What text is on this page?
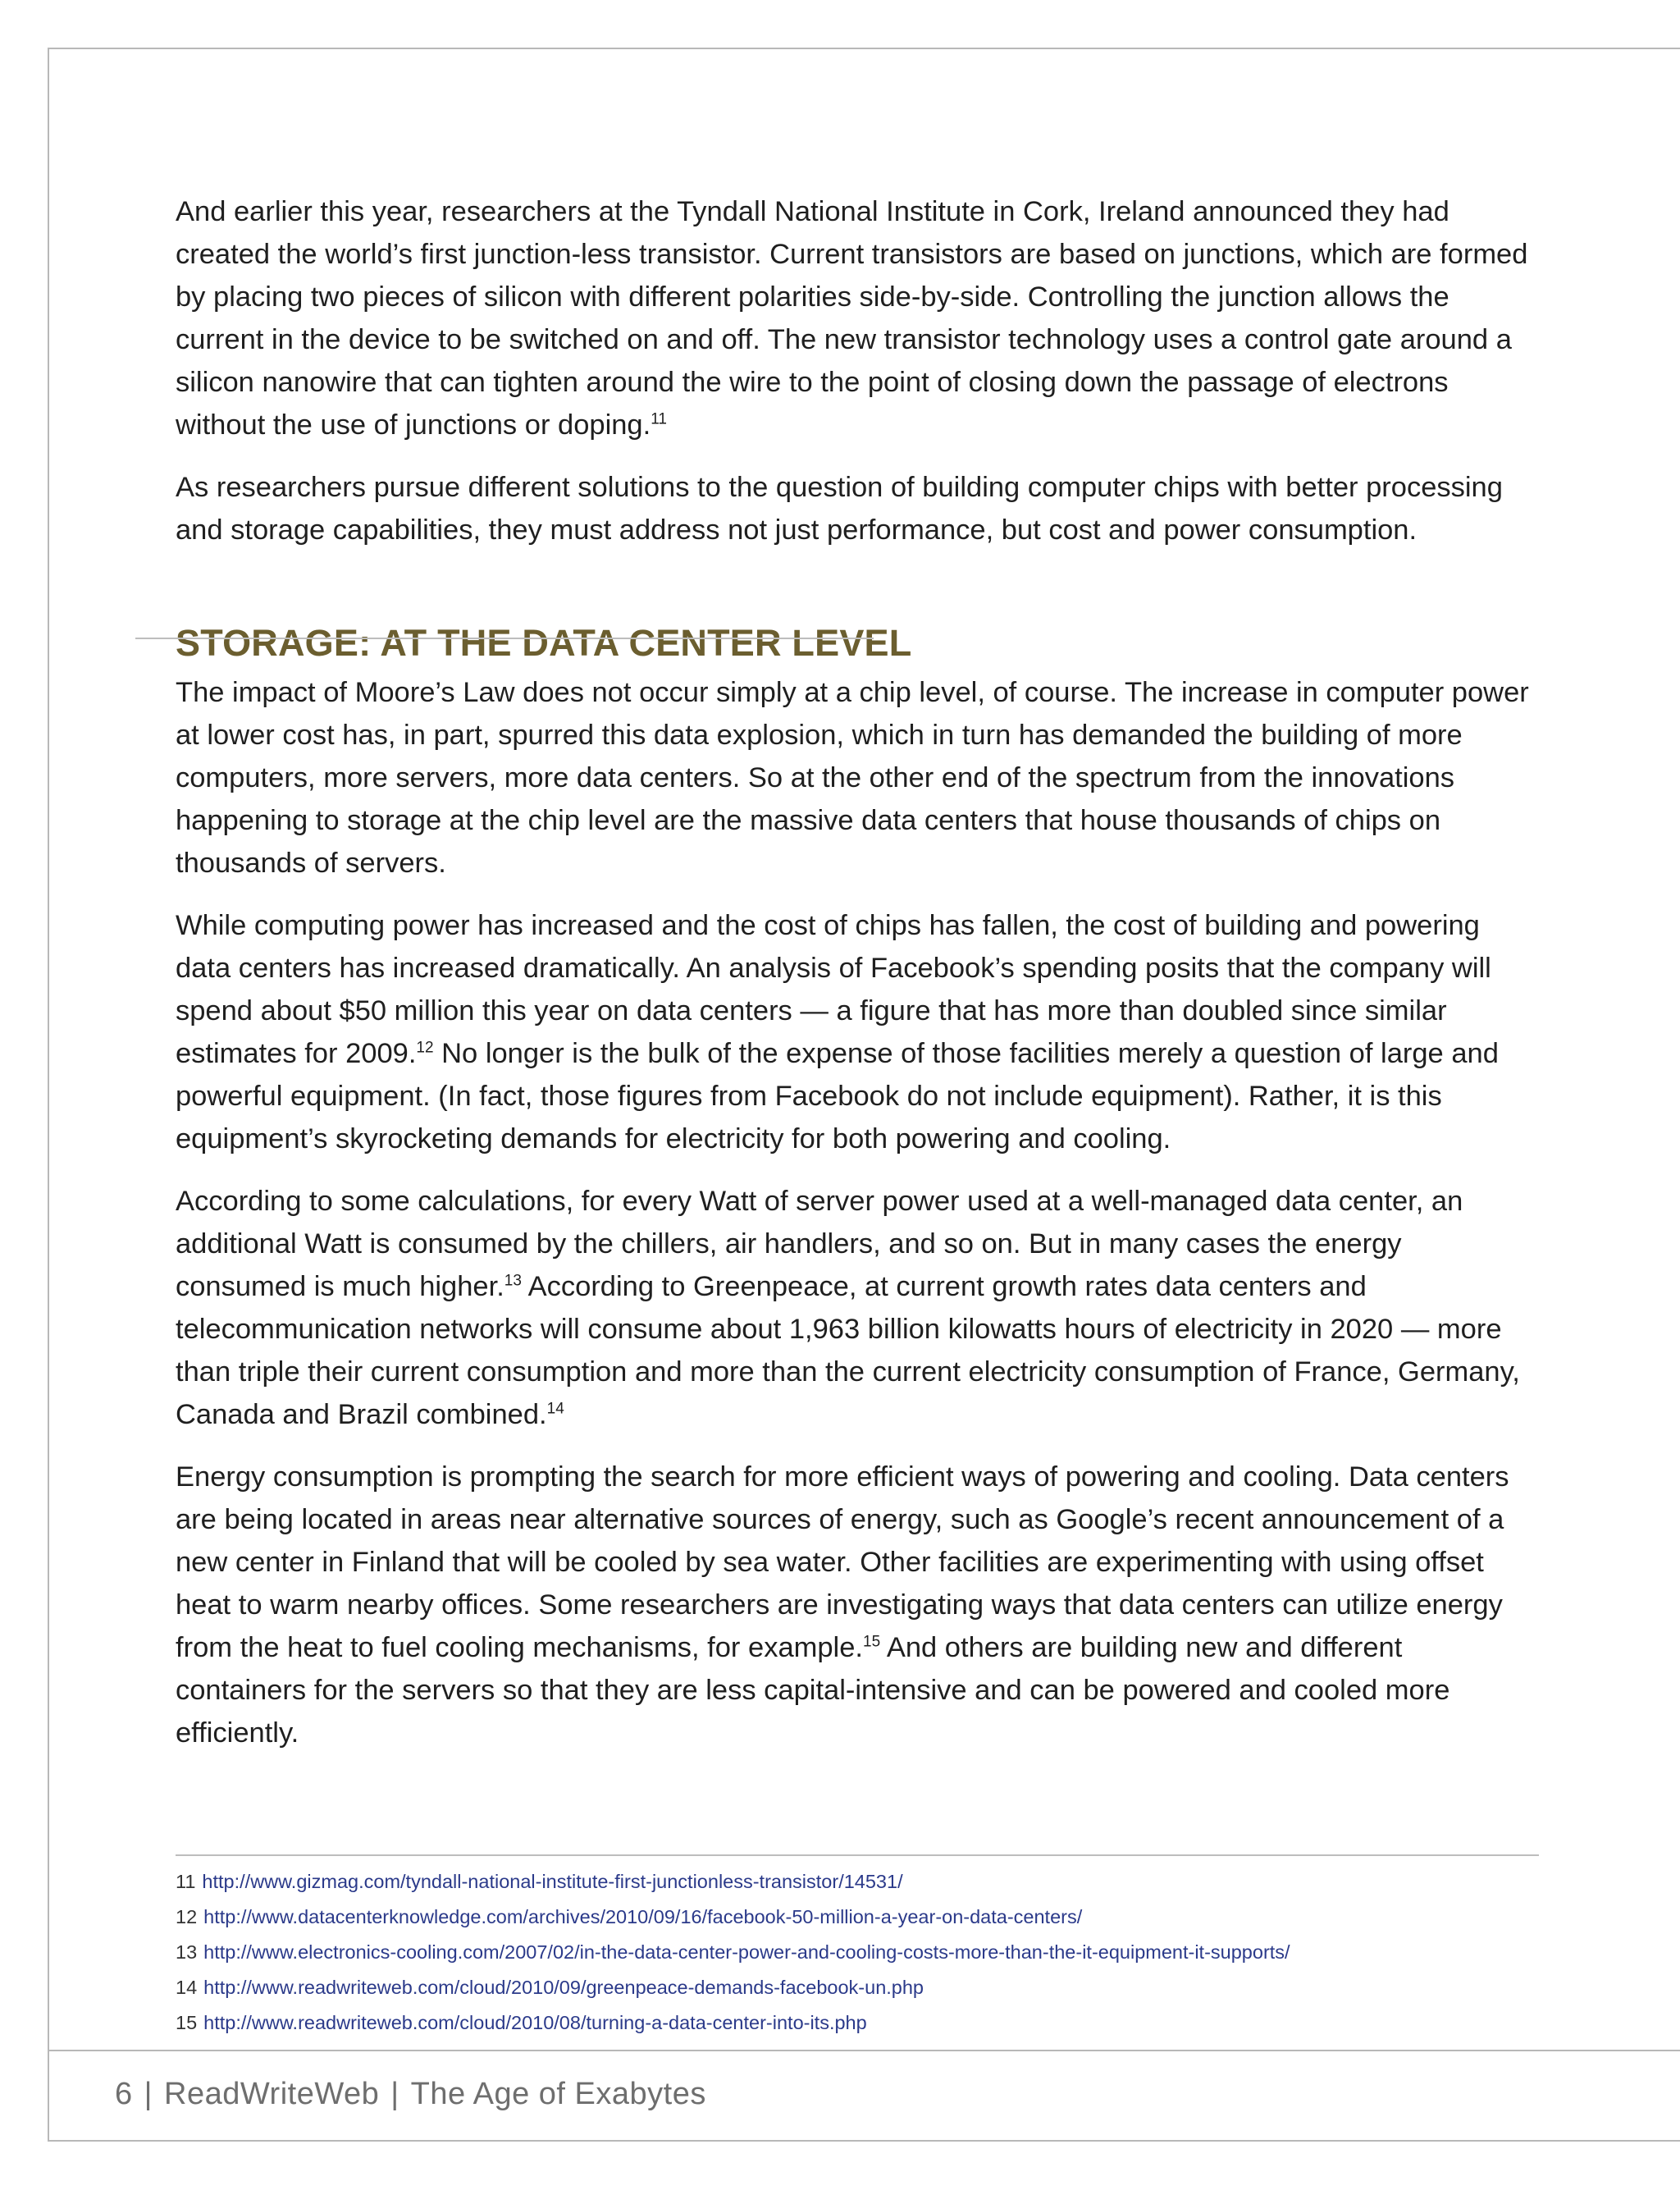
And earlier this year, researchers at the Tyndall National Institute in Cork, Ireland announced they had created the world’s first junction-less transistor. Current transistors are based on junctions, which are formed by placing two pieces of silicon with different polarities side-by-side. Controlling the junction allows the current in the device to be switched on and off. The new transistor technology uses a control gate around a silicon nanowire that can tighten around the wire to the point of closing down the passage of electrons without the use of junctions or doping.$^{11}$

As researchers pursue different solutions to the question of building computer chips with better processing and storage capabilities, they must address not just performance, but cost and power consumption.

STORAGE: AT THE DATA CENTER LEVEL

The impact of Moore’s Law does not occur simply at a chip level, of course. The increase in computer power at lower cost has, in part, spurred this data explosion, which in turn has demanded the building of more computers, more servers, more data centers. So at the other end of the spectrum from the innovations happening to storage at the chip level are the massive data centers that house thousands of chips on thousands of servers.

While computing power has increased and the cost of chips has fallen, the cost of building and powering data centers has increased dramatically. An analysis of Facebook’s spending posits that the company will spend about $50 million this year on data centers — a figure that has more than doubled since similar estimates for 2009.12 No longer is the bulk of the expense of those facilities merely a question of large and powerful equipment. (In fact, those figures from Facebook do not include equipment). Rather, it is this equipment’s skyrocketing demands for electricity for both powering and cooling.

According to some calculations, for every Watt of server power used at a well-managed data center, an additional Watt is consumed by the chillers, air handlers, and so on. But in many cases the energy consumed is much higher.$^{13}$ According to Greenpeace, at current growth rates data centers and telecommunication networks will consume about 1,963 billion kilowatts hours of electricity in 2020 — more than triple their current consumption and more than the current electricity consumption of France, Germany, Canada and Brazil combined.$^{14}$

Energy consumption is prompting the search for more efficient ways of powering and cooling. Data centers are being located in areas near alternative sources of energy, such as Google’s recent announcement of a new center in Finland that will be cooled by sea water. Other facilities are experimenting with using offset heat to warm nearby offices. Some researchers are investigating ways that data centers can utilize energy from the heat to fuel cooling mechanisms, for example.$^{15}$ And others are building new and different containers for the servers so that they are less capital-intensive and can be powered and cooled more efficiently.

11 http://www.gizmag.com/tyndall-national-institute-first-junctionless-transistor/14531/
12 http://www.datacenterknowledge.com/archives/2010/09/16/facebook-50-million-a-year-on-data-centers/
13 http://www.electronics-cooling.com/2007/02/in-the-data-center-power-and-cooling-costs-more-than-the-it-equipment-it-supports/
14 http://www.readwriteweb.com/cloud/2010/09/greenpeace-demands-facebook-un.php
15 http://www.readwriteweb.com/cloud/2010/08/turning-a-data-center-into-its.php
6 | ReadWriteWeb | The Age of Exabytes
